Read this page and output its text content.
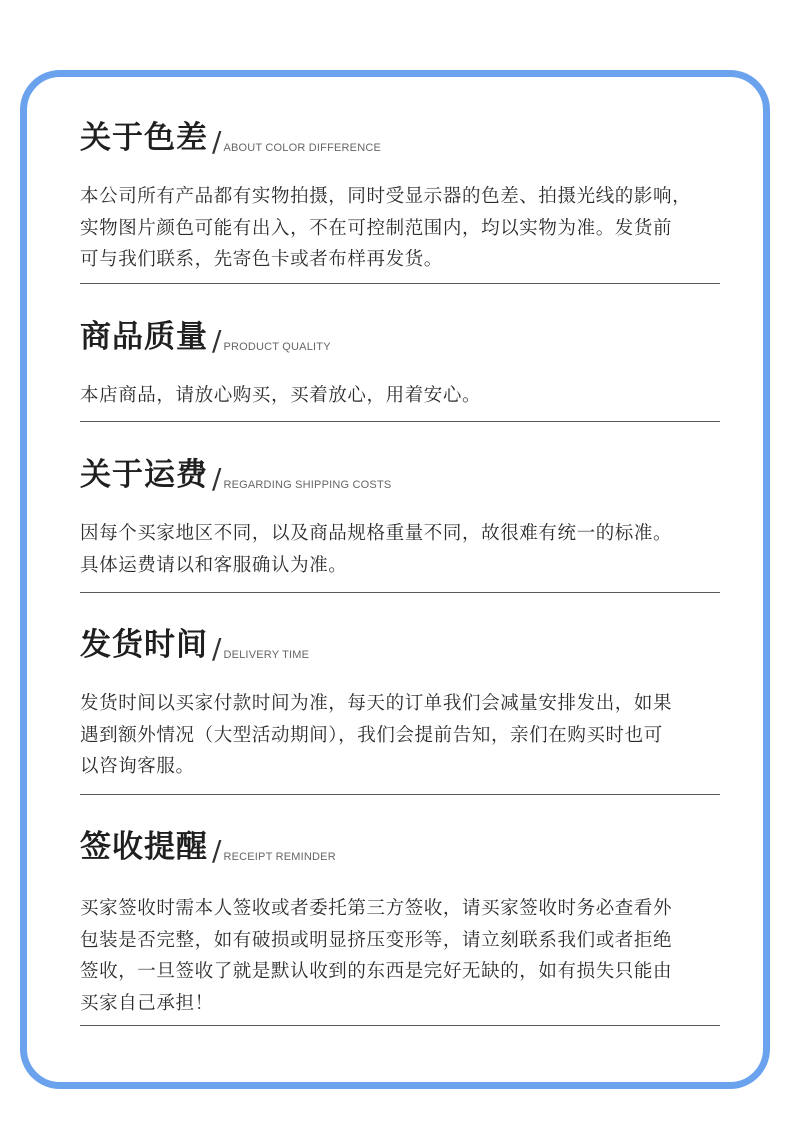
关于色差 / ABOUT COLOR DIFFERENCE
本公司所有产品都有实物拍摄，同时受显示器的色差、拍摄光线的影响，
实物图片颜色可能有出入，不在可控制范围内，均以实物为准。发货前
可与我们联系，先寄色卡或者布样再发货。
商品质量 / PRODUCT QUALITY
本店商品，请放心购买，买着放心，用着安心。
关于运费 / REGARDING SHIPPING COSTS
因每个买家地区不同，以及商品规格重量不同，故很难有统一的标准。
具体运费请以和客服确认为准。
发货时间 / DELIVERY TIME
发货时间以买家付款时间为准，每天的订单我们会减量安排发出，如果
遇到额外情况（大型活动期间），我们会提前告知，亲们在购买时也可
以咨询客服。
签收提醒 / RECEIPT REMINDER
买家签收时需本人签收或者委托第三方签收，请买家签收时务必查看外
包装是否完整，如有破损或明显挤压变形等，请立刻联系我们或者拒绝
签收，一旦签收了就是默认收到的东西是完好无缺的，如有损失只能由
买家自己承担！
